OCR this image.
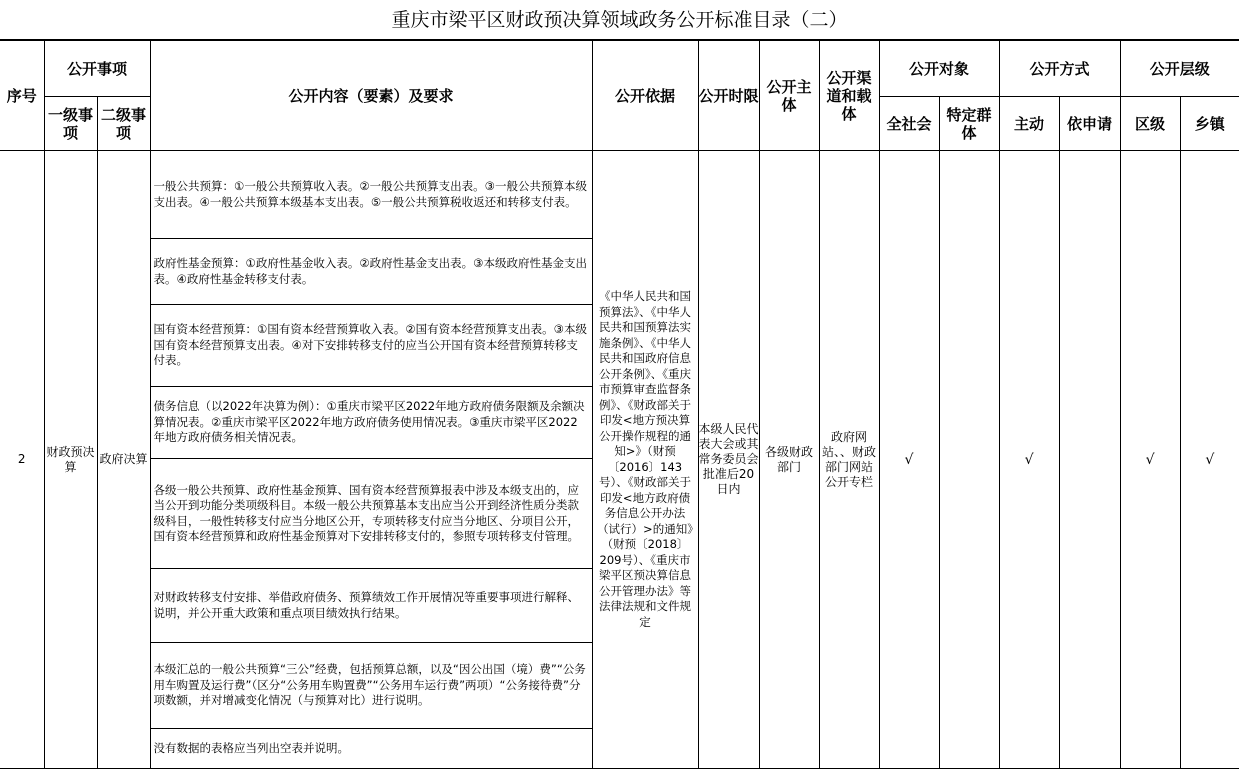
重庆市梁平区财政预决算领域政务公开标准目录（二）
序号	公开事项		公开内容（要素）及要求	公开依据	公开时限	公开主体	公开渠道和载体	公开对象		公开方式		公开层级	
	一级事项	二级事项						全社会	特定群体	主动	依申请	区级	乡镇
2	财政预决算	政府决算	一般公共预算：①一般公共预算收入表。②一般公共预算支出表。③一般公共预算本级支出表。④一般公共预算本级基本支出表。⑤一般公共预算税收返还和转移支付表。	《中华人民共和国预算法》、《中华人民共和国预算法实施条例》、《中华人民共和国政府信息公开条例》、《重庆市预算审查监督条例》、《财政部关于印发<地方预决算公开操作规程的通知>》（财预〔2016〕143号）、《财政部关于印发<地方政府债务信息公开办法（试行）>的通知》（财预〔2018〕209号）、《重庆市梁平区预决算信息公开管理办法》等法律法规和文件规定	本级人民代表大会或其常务委员会批准后20日内	各级财政部门	政府网站、、财政部门网站公开专栏	√		√		√	√
			政府性基金预算：①政府性基金收入表。②政府性基金支出表。③本级政府性基金支出表。④政府性基金转移支付表。										
			国有资本经营预算：①国有资本经营预算收入表。②国有资本经营预算支出表。③本级国有资本经营预算支出表。④对下安排转移支付的应当公开国有资本经营预算转移支付表。										
			债务信息（以2022年决算为例）：①重庆市梁平区2022年地方政府债务限额及余额决算情况表。②重庆市梁平区2022年地方政府债务使用情况表。③重庆市梁平区2022年地方政府债务相关情况表。										
			各级一般公共预算、政府性基金预算、国有资本经营预算报表中涉及本级支出的，应当公开到功能分类项级科目。本级一般公共预算基本支出应当公开到经济性质分类款级科目，一般性转移支付应当分地区公开，专项转移支付应当分地区、分项目公开，国有资本经营预算和政府性基金预算对下安排转移支付的，参照专项转移支付管理。										
			对财政转移支付安排、举借政府债务、预算绩效工作开展情况等重要事项进行解释、说明，并公开重大政策和重点项目绩效执行结果。										
			本级汇总的一般公共预算“三公”经费，包括预算总额，以及“因公出国（境）费”“公务用车购置及运行费”（区分“公务用车购置费”“公务用车运行费”两项）“公务接待费”分项数额，并对增减变化情况（与预算对比）进行说明。										
			没有数据的表格应当列出空表并说明。										
